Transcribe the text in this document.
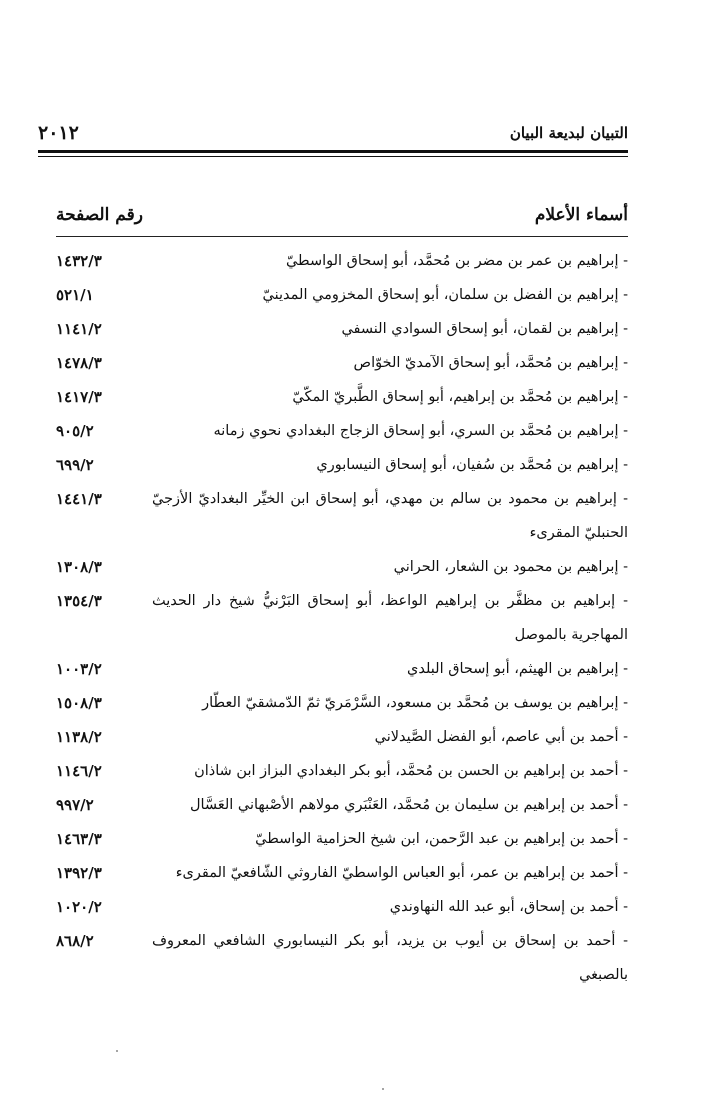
التبيان لبديعة البيان
٢٠١٢
أسماء الأعلام
رقم الصفحة
- إبراهيم بن عمر بن مضر بن مُحمَّد، أبو إسحاق الواسطيّ
١٤٣٢/٣
- إبراهيم بن الفضل بن سلمان، أبو إسحاق المخزومي المدينيّ
٥٢١/١
- إبراهيم بن لقمان، أبو إسحاق السوادي النسفي
١١٤١/٢
- إبراهيم بن مُحمَّد، أبو إسحاق الآمديّ الخوّاص
١٤٧٨/٣
- إبراهيم بن مُحمَّد بن إبراهيم، أبو إسحاق الطَّبريّ المكّيّ
١٤١٧/٣
- إبراهيم بن مُحمَّد بن السري، أبو إسحاق الزجاج البغدادي نحوي زمانه
٩٠٥/٢
- إبراهيم بن مُحمَّد بن سُفيان، أبو إسحاق النيسابوري
٦٩٩/٢
- إبراهيم بن محمود بن سالم بن مهدي، أبو إسحاق ابن الخيِّر البغداديّ الأزجيّ الحنبليّ المقرىء
١٤٤١/٣
- إبراهيم بن محمود بن الشعار، الحراني
١٣٠٨/٣
- إبراهيم بن مظفَّر بن إبراهيم الواعظ، أبو إسحاق البَرْنيُّ شيخ دار الحديث المهاجرية بالموصل
١٣٥٤/٣
- إبراهيم بن الهيثم، أبو إسحاق البلدي
١٠٠٣/٢
- إبراهيم بن يوسف بن مُحمَّد بن مسعود، السَّرْمَريّ ثمّ الدّمشقيّ العطّار
١٥٠٨/٣
- أحمد بن أبي عاصم، أبو الفضل الصَّيدلاني
١١٣٨/٢
- أحمد بن إبراهيم بن الحسن بن مُحمَّد، أبو بكر البغدادي البزاز ابن شاذان
١١٤٦/٢
- أحمد بن إبراهيم بن سليمان بن مُحمَّد، العَنْبَري مولاهم الأصْبهاني العَسَّال
٩٩٧/٢
- أحمد بن إبراهيم بن عبد الرَّحمن، ابن شيخ الحزامية الواسطيّ
١٤٦٣/٣
- أحمد بن إبراهيم بن عمر، أبو العباس الواسطيّ الفاروثي الشّافعيّ المقرىء
١٣٩٢/٣
- أحمد بن إسحاق، أبو عبد الله النهاوندي
١٠٢٠/٢
- أحمد بن إسحاق بن أيوب بن يزيد، أبو بكر النيسابوري الشافعي المعروف بالصبغي
٨٦٨/٢
